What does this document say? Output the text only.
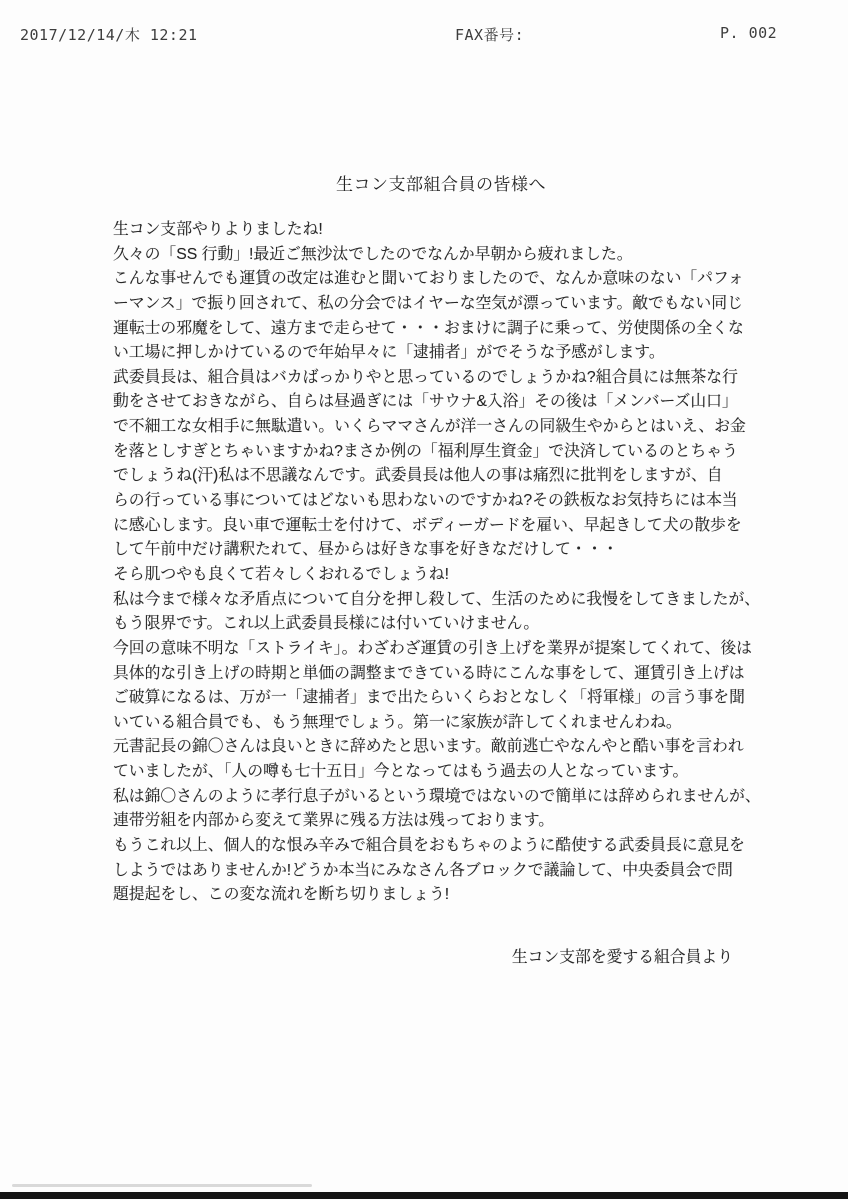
2017/12/14/木 12:21	FAX番号:	P. 002
生コン支部組合員の皆様へ
生コン支部やりよりましたね!
久々の「SS 行動」!最近ご無沙汰でしたのでなんか早朝から疲れました。
こんな事せんでも運賃の改定は進むと聞いておりましたので、なんか意味のない「パフォ
ーマンス」で振り回されて、私の分会ではイヤーな空気が漂っています。敵でもない同じ
運転士の邪魔をして、遠方まで走らせて・・・おまけに調子に乗って、労使関係の全くな
い工場に押しかけているので年始早々に「逮捕者」がでそうな予感がします。
武委員長は、組合員はバカばっかりやと思っているのでしょうかね?組合員には無茶な行
動をさせておきながら、自らは昼過ぎには「サウナ&入浴」その後は「メンバーズ山口」
で不細工な女相手に無駄遣い。いくらママさんが洋一さんの同級生やからとはいえ、お金
を落としすぎとちゃいますかね?まさか例の「福利厚生資金」で決済しているのとちゃう
でしょうね(汗)私は不思議なんです。武委員長は他人の事は痛烈に批判をしますが、自
らの行っている事についてはどないも思わないのですかね?その鉄板なお気持ちには本当
に感心します。良い車で運転士を付けて、ボディーガードを雇い、早起きして犬の散歩を
して午前中だけ講釈たれて、昼からは好きな事を好きなだけして・・・
そら肌つやも良くて若々しくおれるでしょうね!
私は今まで様々な矛盾点について自分を押し殺して、生活のために我慢をしてきましたが、
もう限界です。これ以上武委員長様には付いていけません。
今回の意味不明な「ストライキ」。わざわざ運賃の引き上げを業界が提案してくれて、後は
具体的な引き上げの時期と単価の調整まできている時にこんな事をして、運賃引き上げは
ご破算になるは、万が一「逮捕者」まで出たらいくらおとなしく「将軍様」の言う事を聞
いている組合員でも、もう無理でしょう。第一に家族が許してくれませんわね。
元書記長の錦〇さんは良いときに辞めたと思います。敵前逃亡やなんやと酷い事を言われ
ていましたが、「人の噂も七十五日」今となってはもう過去の人となっています。
私は錦〇さんのように孝行息子がいるという環境ではないので簡単には辞められませんが、
連帯労組を内部から変えて業界に残る方法は残っております。
もうこれ以上、個人的な恨み辛みで組合員をおもちゃのように酷使する武委員長に意見を
しようではありませんか!どうか本当にみなさん各ブロックで議論して、中央委員会で問
題提起をし、この変な流れを断ち切りましょう!
生コン支部を愛する組合員より
